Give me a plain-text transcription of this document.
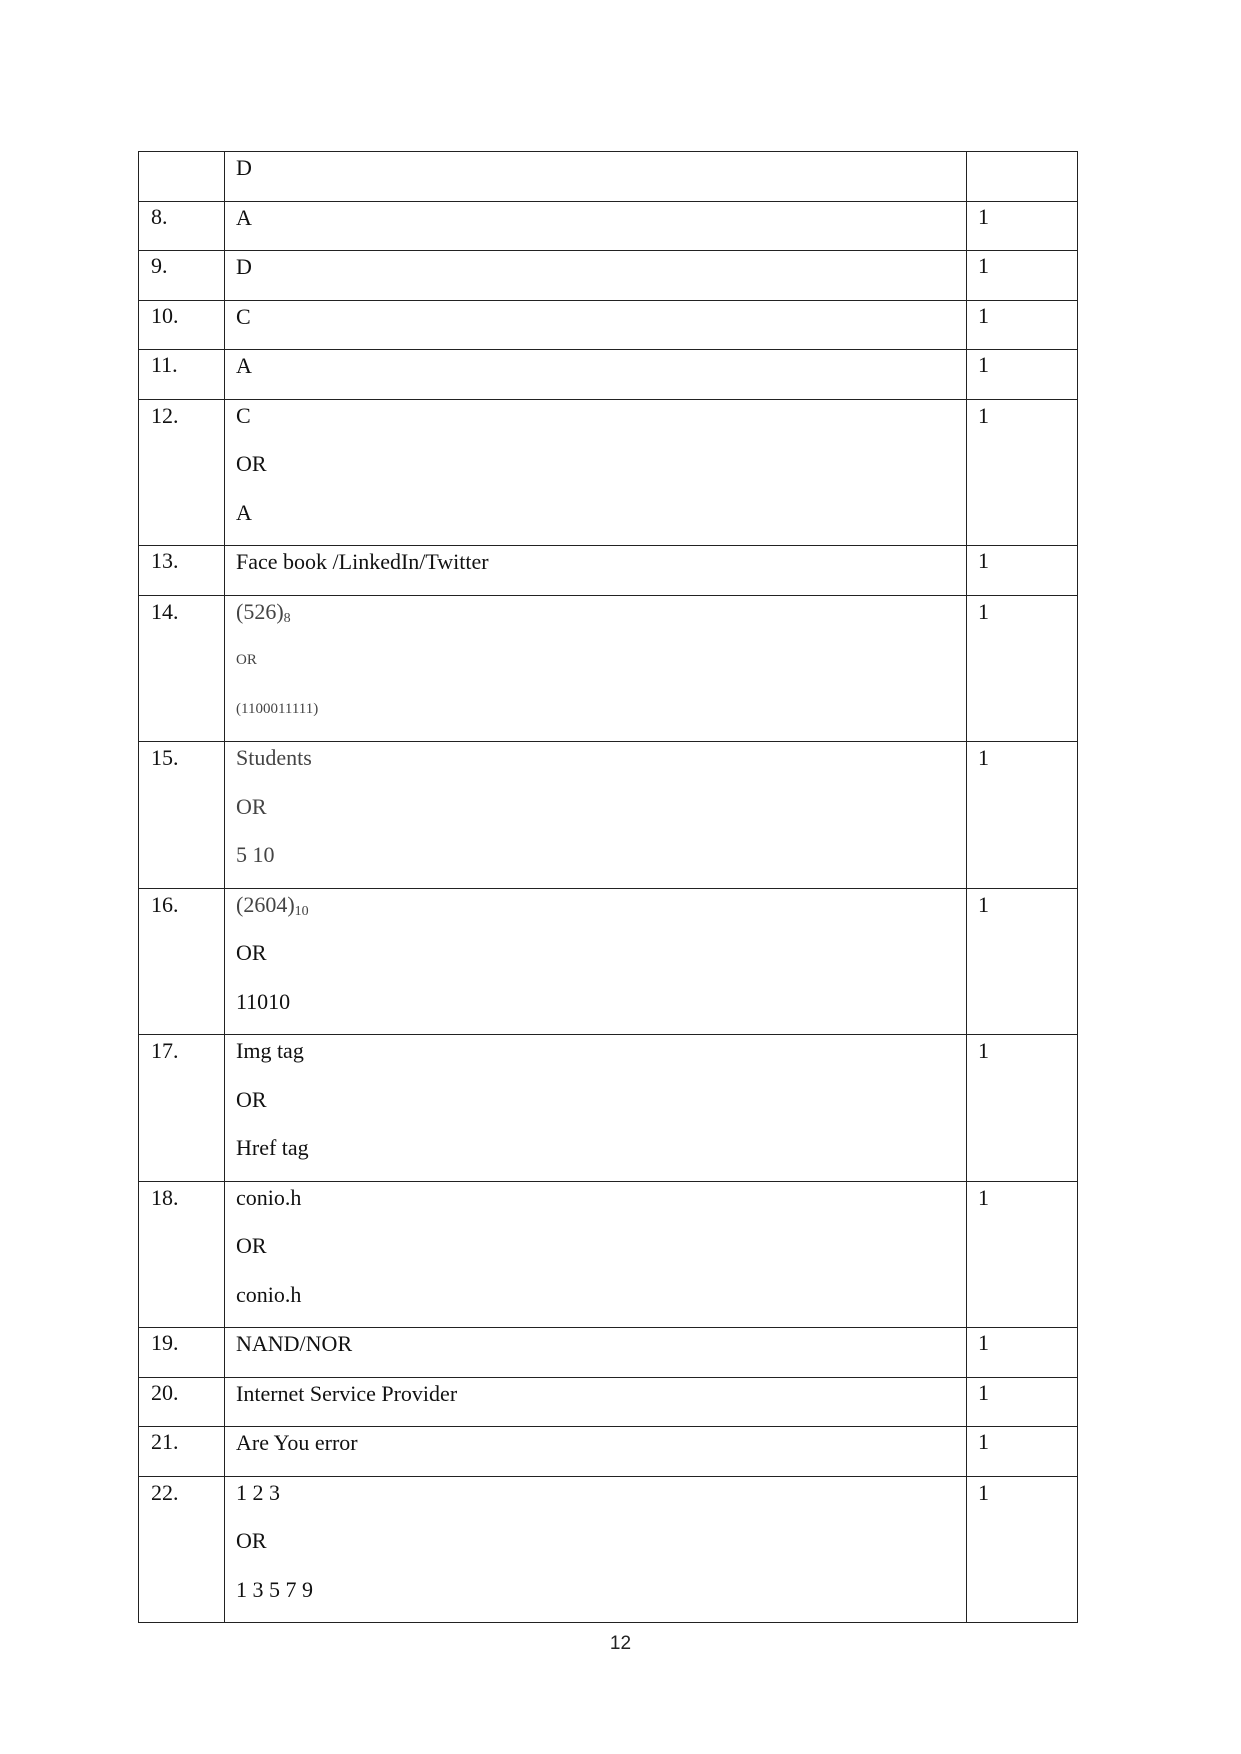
	D	

8.	A	1
9.	D	1
10.	C	1
11.	A	1

12.	C
OR
A	1

13.	Face book /LinkedIn/Twitter	1

14.	$(526)_8$
OR
(1100011111)	1

15.	Students
OR
5 10	1

16.	$(2604)_{10}$
OR
11010	1

17.	Img tag
OR
Href tag	1

18.	conio.h
OR
conio.h	1

19.	NAND/NOR	1
20.	Internet Service Provider	1
21.	Are You error	1

22.	1 2 3
OR
1 3 5 7 9	1
12
